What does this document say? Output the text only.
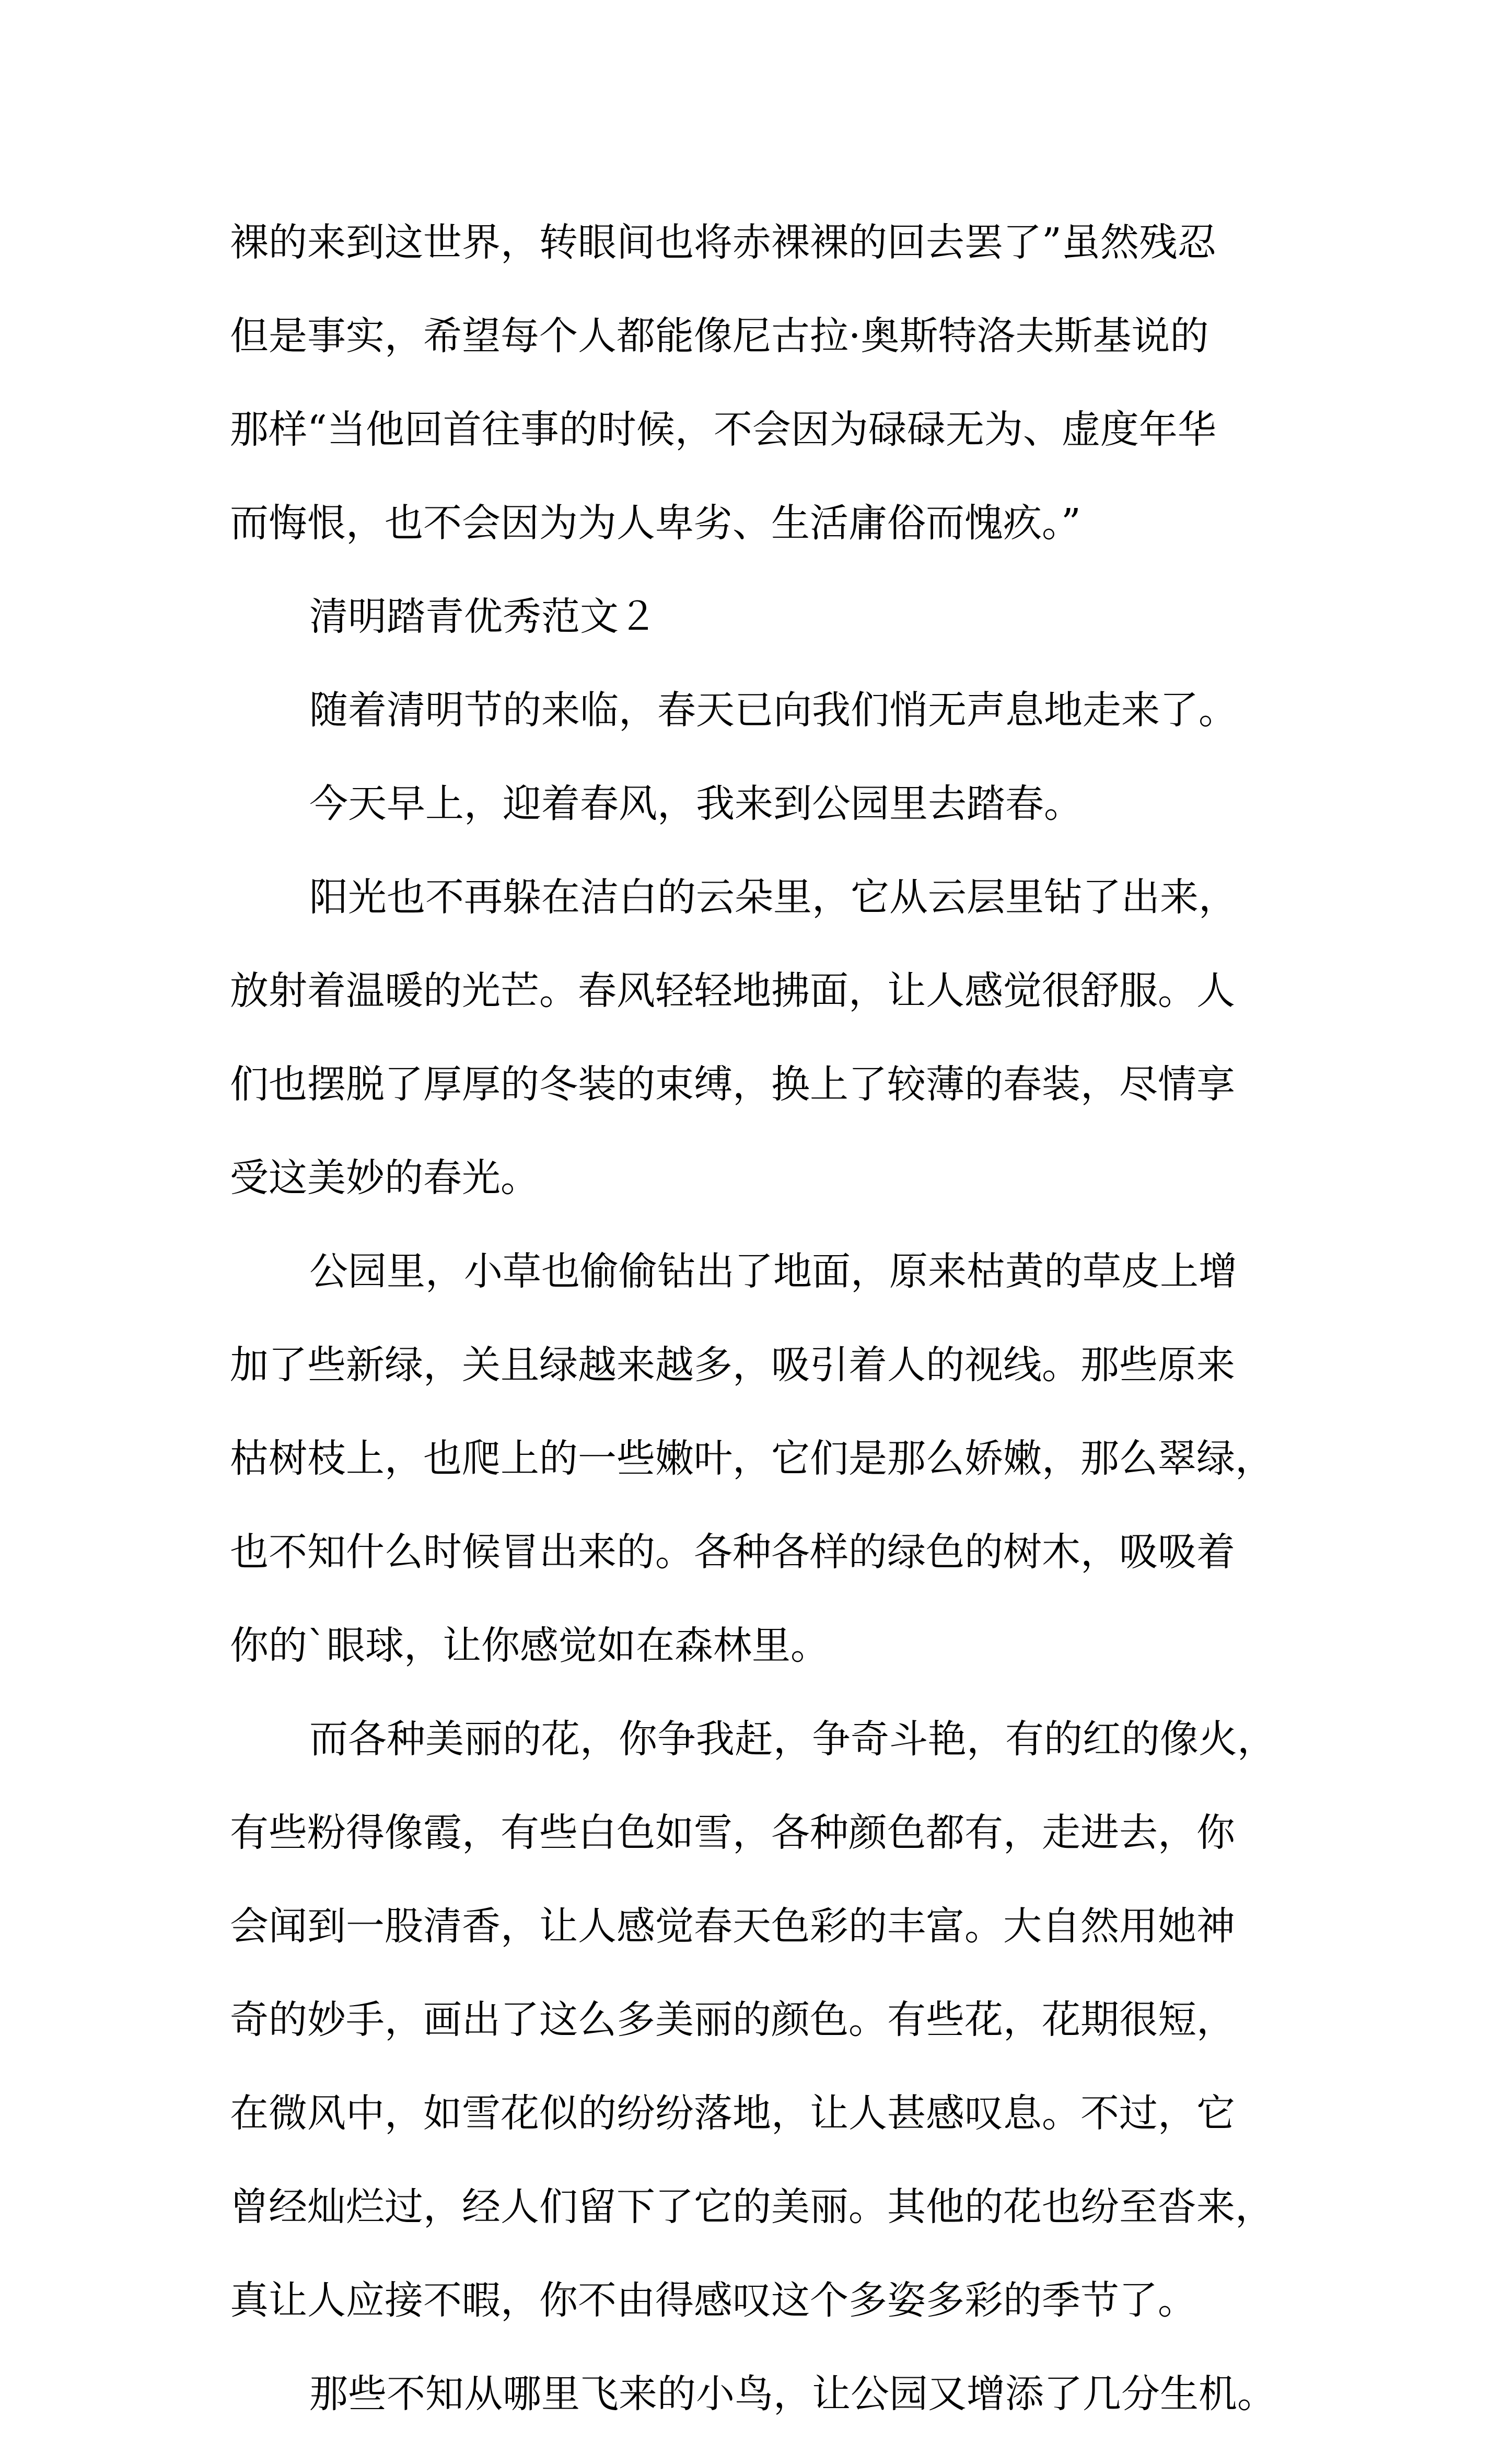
裸的来到这世界，转眼间也将赤裸裸的回去罢了”虽然残忍
但是事实，希望每个人都能像尼古拉·奥斯特洛夫斯基说的
那样“当他回首往事的时候，不会因为碌碌无为、虚度年华
而悔恨，也不会因为为人卑劣、生活庸俗而愧疚。”
清明踏青优秀范文２
随着清明节的来临，春天已向我们悄无声息地走来了。
今天早上，迎着春风，我来到公园里去踏春。
阳光也不再躲在洁白的云朵里，它从云层里钻了出来，
放射着温暖的光芒。春风轻轻地拂面，让人感觉很舒服。人
们也摆脱了厚厚的冬装的束缚，换上了较薄的春装，尽情享
受这美妙的春光。
公园里，小草也偷偷钻出了地面，原来枯黄的草皮上增
加了些新绿，关且绿越来越多，吸引着人的视线。那些原来
枯树枝上，也爬上的一些嫩叶，它们是那么娇嫩，那么翠绿，
也不知什么时候冒出来的。各种各样的绿色的树木，吸吸着
你的`眼球，让你感觉如在森林里。
而各种美丽的花，你争我赶，争奇斗艳，有的红的像火，
有些粉得像霞，有些白色如雪，各种颜色都有，走进去，你
会闻到一股清香，让人感觉春天色彩的丰富。大自然用她神
奇的妙手，画出了这么多美丽的颜色。有些花，花期很短，
在微风中，如雪花似的纷纷落地，让人甚感叹息。不过，它
曾经灿烂过，经人们留下了它的美丽。其他的花也纷至沓来，
真让人应接不暇，你不由得感叹这个多姿多彩的季节了。
那些不知从哪里飞来的小鸟，让公园又增添了几分生机。
